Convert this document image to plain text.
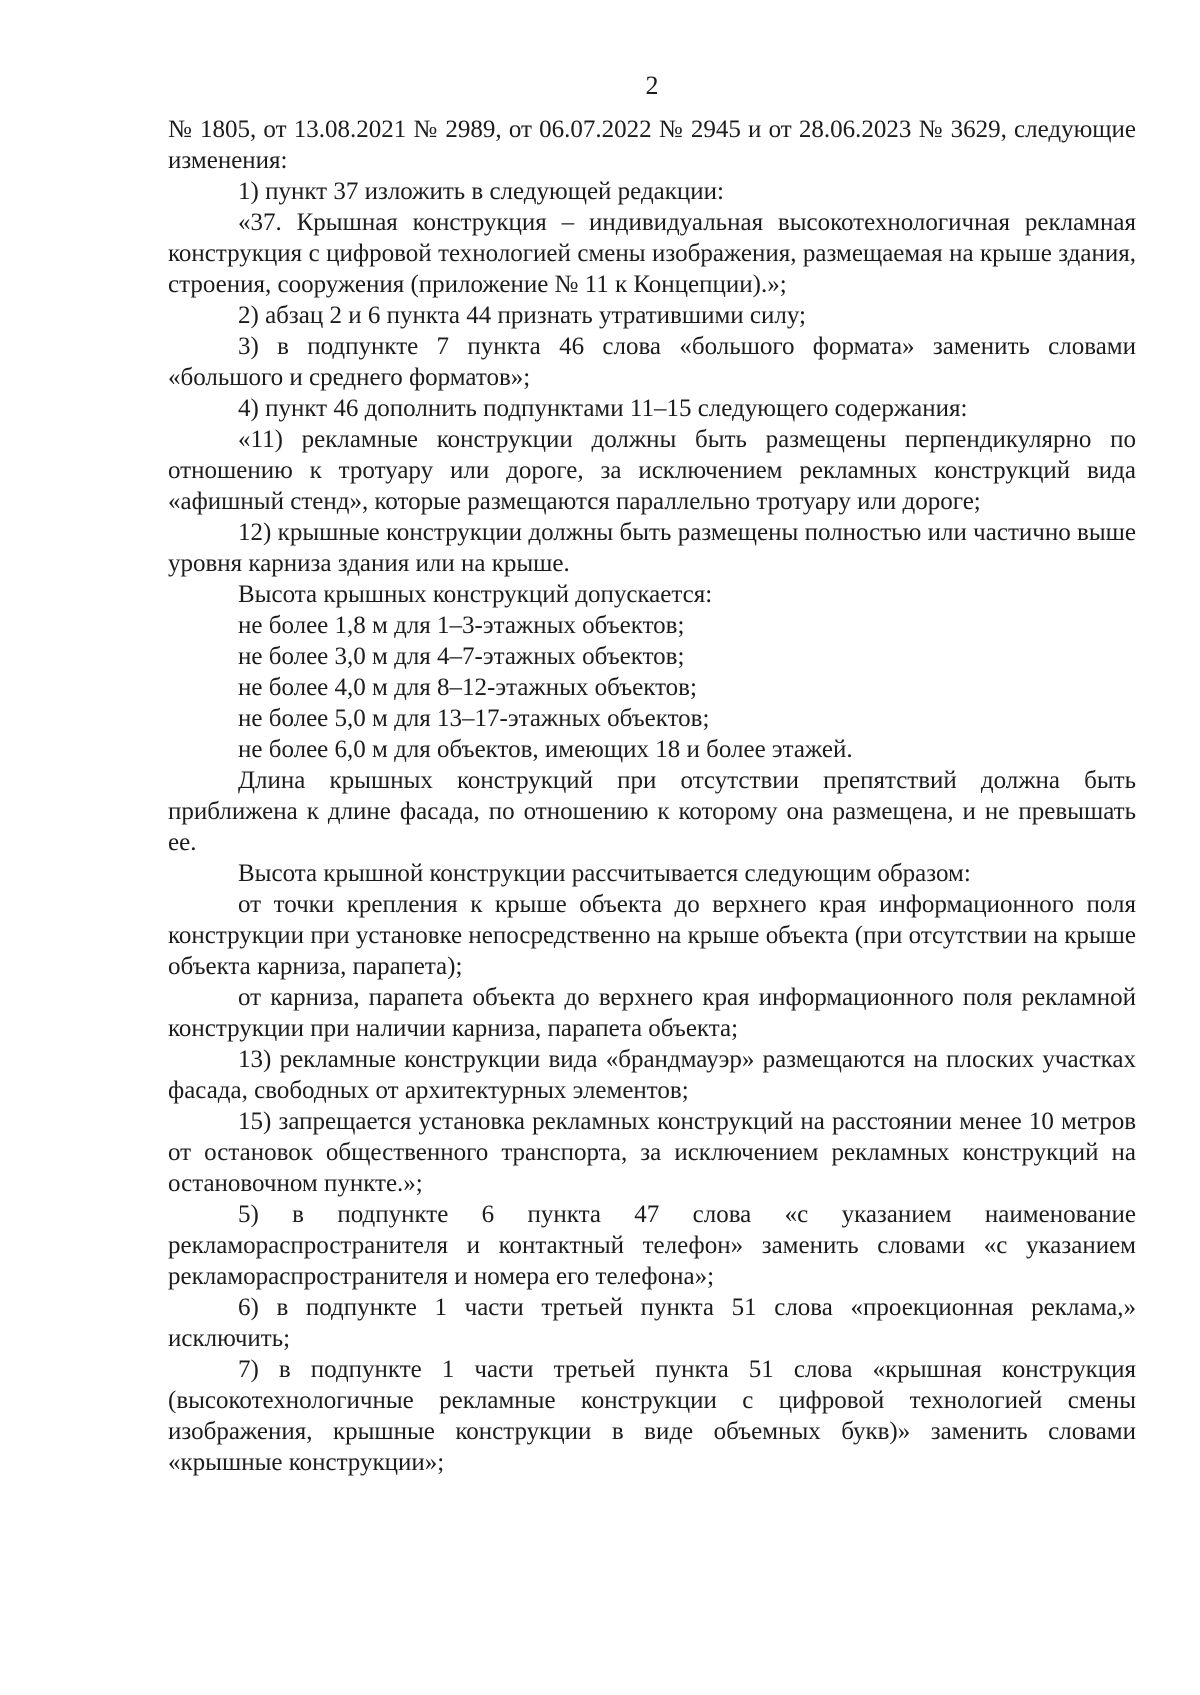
2

№ 1805, от 13.08.2021 № 2989, от 06.07.2022 № 2945 и от 28.06.2023 № 3629, следующие изменения:

1) пункт 37 изложить в следующей редакции:

«37. Крышная конструкция – индивидуальная высокотехнологичная рекламная конструкция с цифровой технологией смены изображения, размещаемая на крыше здания, строения, сооружения (приложение № 11 к Концепции).»;

2) абзац 2 и 6 пункта 44 признать утратившими силу;

3) в подпункте 7 пункта 46 слова «большого формата» заменить словами «большого и среднего форматов»;

4) пункт 46 дополнить подпунктами 11–15 следующего содержания:

«11) рекламные конструкции должны быть размещены перпендикулярно по отношению к тротуару или дороге, за исключением рекламных конструкций вида «афишный стенд», которые размещаются параллельно тротуару или дороге;

12) крышные конструкции должны быть размещены полностью или частично выше уровня карниза здания или на крыше.

Высота крышных конструкций допускается:

не более 1,8 м для 1–3-этажных объектов;

не более 3,0 м для 4–7-этажных объектов;

не более 4,0 м для 8–12-этажных объектов;

не более 5,0 м для 13–17-этажных объектов;

не более 6,0 м для объектов, имеющих 18 и более этажей.

Длина крышных конструкций при отсутствии препятствий должна быть приближена к длине фасада, по отношению к которому она размещена, и не превышать ее.

Высота крышной конструкции рассчитывается следующим образом:

от точки крепления к крыше объекта до верхнего края информационного поля конструкции при установке непосредственно на крыше объекта (при отсутствии на крыше объекта карниза, парапета);

от карниза, парапета объекта до верхнего края информационного поля рекламной конструкции при наличии карниза, парапета объекта;

13) рекламные конструкции вида «брандмауэр» размещаются на плоских участках фасада, свободных от архитектурных элементов;

15) запрещается установка рекламных конструкций на расстоянии менее 10 метров от остановок общественного транспорта, за исключением рекламных конструкций на остановочном пункте.»;

5) в подпункте 6 пункта 47 слова «с указанием наименование рекламораспространителя и контактный телефон» заменить словами «с указанием рекламораспространителя и номера его телефона»;

6) в подпункте 1 части третьей пункта 51 слова «проекционная реклама,» исключить;

7) в подпункте 1 части третьей пункта 51 слова «крышная конструкция (высокотехнологичные рекламные конструкции с цифровой технологией смены изображения, крышные конструкции в виде объемных букв)» заменить словами «крышные конструкции»;
